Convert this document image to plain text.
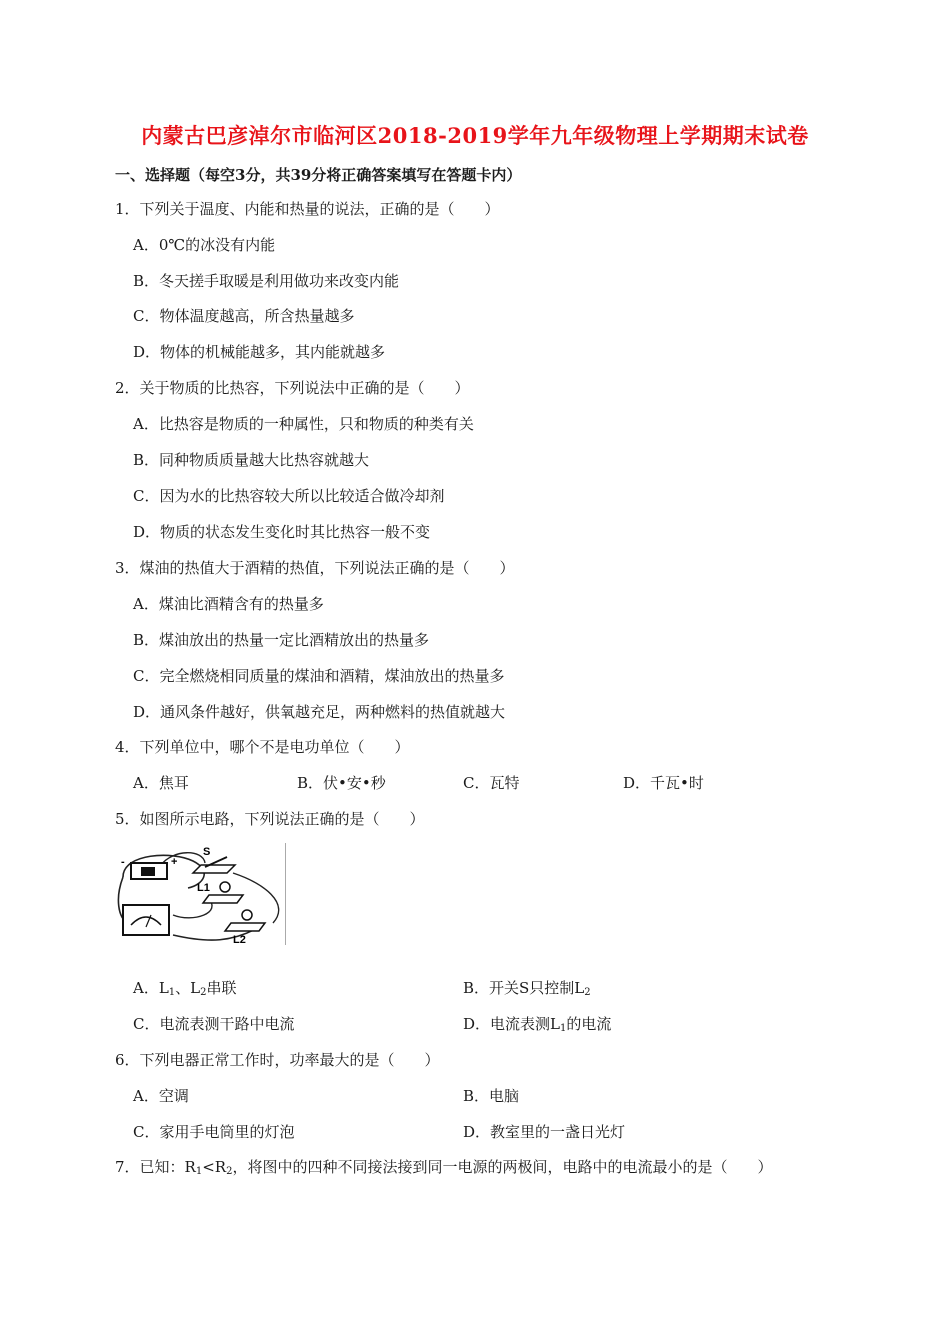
内蒙古巴彦淖尔市临河区2018-2019学年九年级物理上学期期末试卷
一、选择题（每空3分，共39分将正确答案填写在答题卡内）
1．下列关于温度、内能和热量的说法，正确的是（　　）
A．0℃的冰没有内能
B．冬天搓手取暖是利用做功来改变内能
C．物体温度越高，所含热量越多
D．物体的机械能越多，其内能就越多
2．关于物质的比热容，下列说法中正确的是（　　）
A．比热容是物质的一种属性，只和物质的种类有关
B．同种物质质量越大比热容就越大
C．因为水的比热容较大所以比较适合做冷却剂
D．物质的状态发生变化时其比热容一般不变
3．煤油的热值大于酒精的热值，下列说法正确的是（　　）
A．煤油比酒精含有的热量多
B．煤油放出的热量一定比酒精放出的热量多
C．完全燃烧相同质量的煤油和酒精，煤油放出的热量多
D．通风条件越好，供氧越充足，两种燃料的热值就越大
4．下列单位中，哪个不是电功单位（　　）
A．焦耳	B．伏•安•秒	C．瓦特	D．千瓦•时
5．如图所示电路，下列说法正确的是（　　）
-	+
S
L1
L2
A．$L_1$、$L_2$串联	B．开关S只控制$L_2$
C．电流表测干路中电流	D．电流表测$L_1$的电流
6．下列电器正常工作时，功率最大的是（　　）
A．空调	B．电脑
C．家用手电筒里的灯泡	D．教室里的一盏日光灯
7．已知：$R_1<R_2$，将图中的四种不同接法接到同一电源的两极间，电路中的电流最小的是（　　）
